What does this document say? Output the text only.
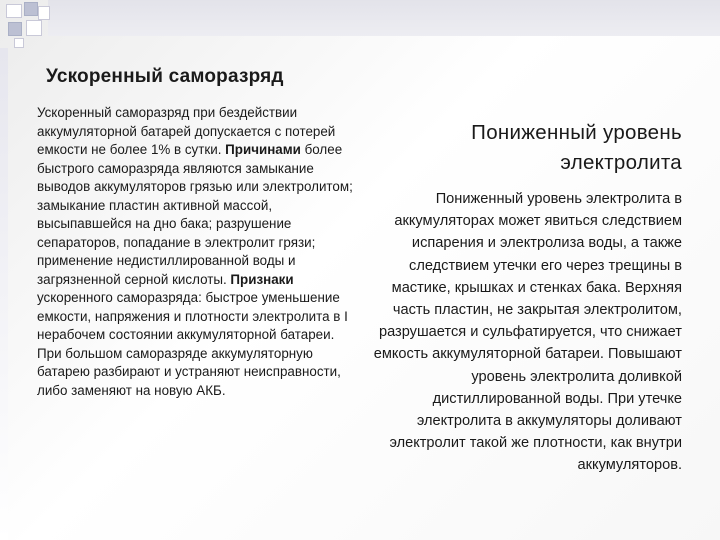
Ускоренный саморазряд

Ускоренный саморазряд при бездействии аккумуляторной батарей допускается с потерей емкости не более 1% в сутки. Причинами более быстрого саморазряда являются замыкание выводов аккумуляторов грязью или электролитом; замыкание пластин активной массой, высыпавшейся на дно бака; разрушение сепараторов, попадание в электролит грязи; применение недистиллированной воды и загрязненной серной кислоты. Признаки ускоренного саморазряда: быстрое уменьшение емкости, напряжения и плотности электролита в I нерабочем состоянии аккумуляторной батареи. При большом саморазряде аккумуляторную батарею разбирают и устраняют неисправности, либо заменяют на новую АКБ.

Пониженный уровень электролита

Пониженный уровень электролита в аккумуляторах может явиться следствием испарения и электролиза воды, а также следствием утечки его через трещины в мастике, крышках и стенках бака. Верхняя часть пластин, не закрытая электролитом, разрушается и сульфатируется, что снижает емкость аккумуляторной батареи. Повышают уровень электролита доливкой дистиллированной воды. При утечке электролита в аккумуляторы доливают электролит такой же плотности, как внутри аккумуляторов.
